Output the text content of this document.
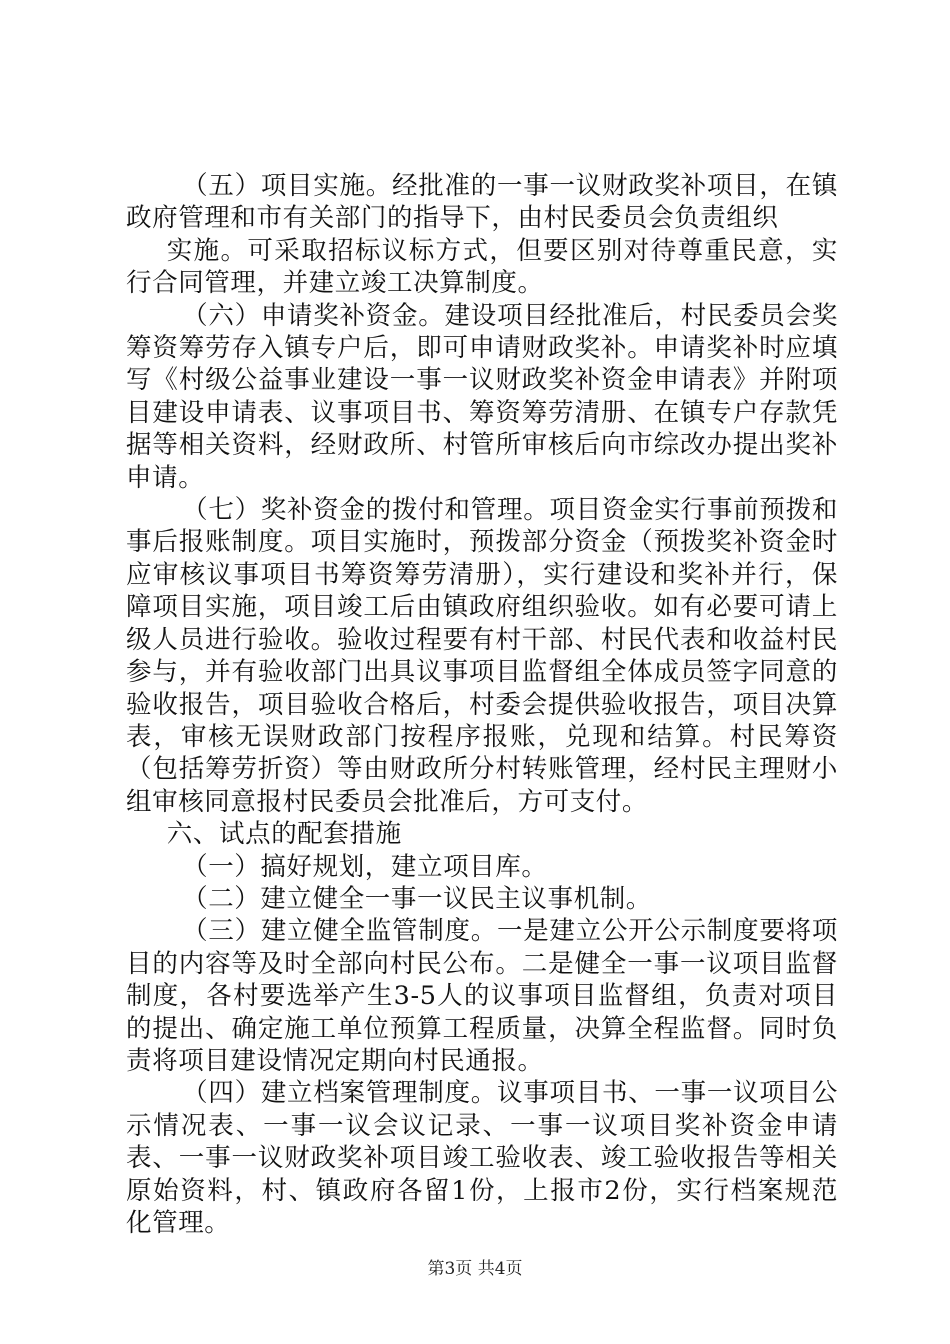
（五）项目实施。经批准的一事一议财政奖补项目，在镇政府管理和市有关部门的指导下，由村民委员会负责组织

实施。可采取招标议标方式，但要区别对待尊重民意，实行合同管理，并建立竣工决算制度。

（六）申请奖补资金。建设项目经批准后，村民委员会奖筹资筹劳存入镇专户后，即可申请财政奖补。申请奖补时应填写《村级公益事业建设一事一议财政奖补资金申请表》并附项目建设申请表、议事项目书、筹资筹劳清册、在镇专户存款凭据等相关资料，经财政所、村管所审核后向市综改办提出奖补申请。

（七）奖补资金的拨付和管理。项目资金实行事前预拨和事后报账制度。项目实施时，预拨部分资金（预拨奖补资金时应审核议事项目书筹资筹劳清册），实行建设和奖补并行，保障项目实施，项目竣工后由镇政府组织验收。如有必要可请上级人员进行验收。验收过程要有村干部、村民代表和收益村民参与，并有验收部门出具议事项目监督组全体成员签字同意的验收报告，项目验收合格后，村委会提供验收报告，项目决算表，审核无误财政部门按程序报账，兑现和结算。村民筹资（包括筹劳折资）等由财政所分村转账管理，经村民主理财小组审核同意报村民委员会批准后，方可支付。

六、试点的配套措施

（一）搞好规划，建立项目库。

（二）建立健全一事一议民主议事机制。

（三）建立健全监管制度。一是建立公开公示制度要将项目的内容等及时全部向村民公布。二是健全一事一议项目监督制度，各村要选举产生3-5人的议事项目监督组，负责对项目的提出、确定施工单位预算工程质量，决算全程监督。同时负责将项目建设情况定期向村民通报。

（四）建立档案管理制度。议事项目书、一事一议项目公示情况表、一事一议会议记录、一事一议项目奖补资金申请表、一事一议财政奖补项目竣工验收表、竣工验收报告等相关原始资料，村、镇政府各留1份，上报市2份，实行档案规范化管理。

第3页 共4页
